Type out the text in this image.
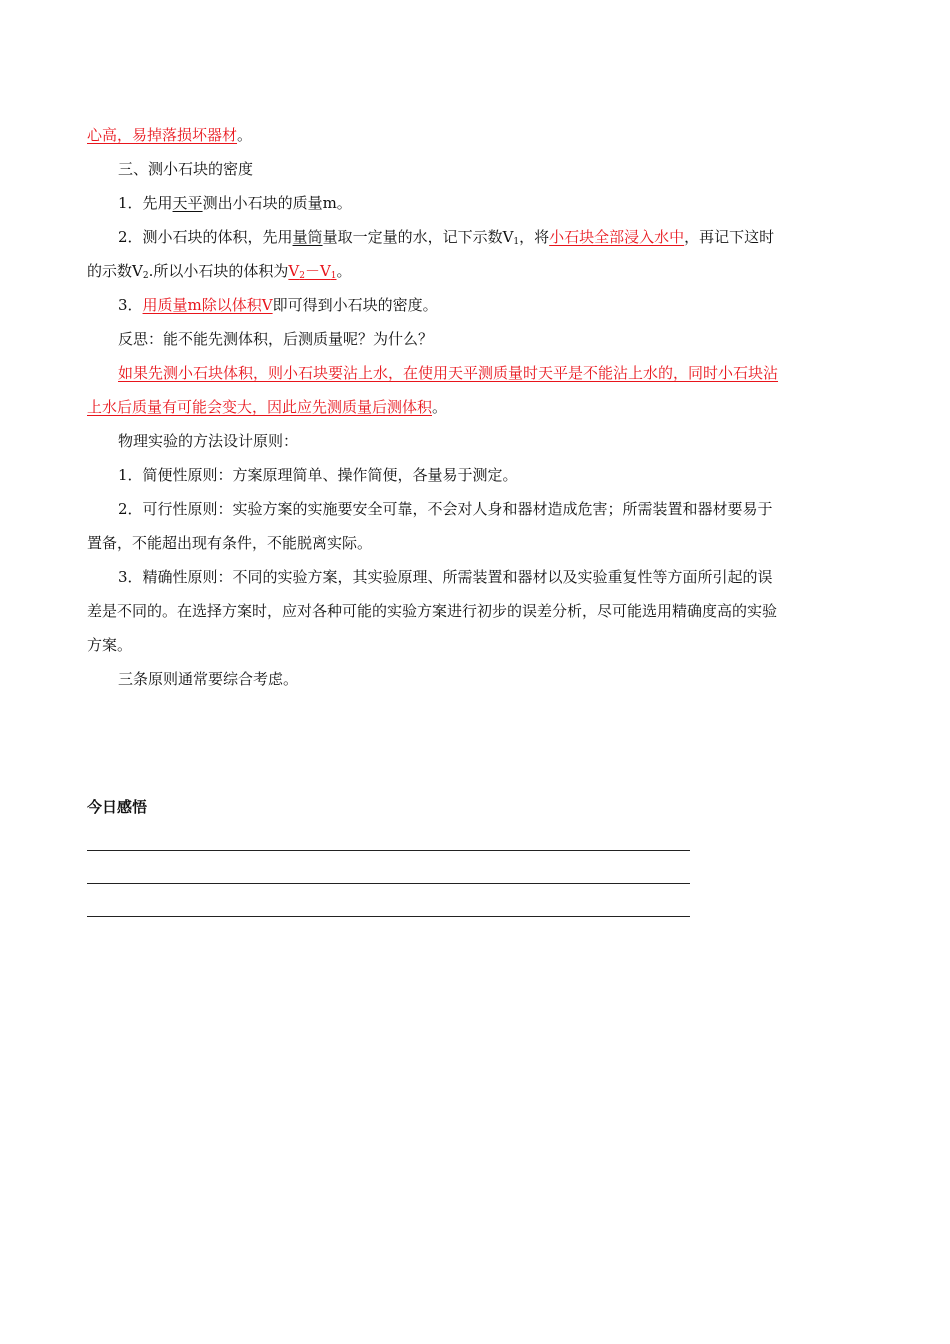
心高，易掉落损坏器材。
三、测小石块的密度
1．先用天平测出小石块的质量m。
2．测小石块的体积，先用量筒量取一定量的水，记下示数$V_1$，将小石块全部浸入水中，再记下这时
的示数$V_2$.所以小石块的体积为$V_2-V_1$。
3．用质量m除以体积V即可得到小石块的密度。
反思：能不能先测体积，后测质量呢？为什么？
如果先测小石块体积，则小石块要沾上水，在使用天平测质量时天平是不能沾上水的，同时小石块沾
上水后质量有可能会变大，因此应先测质量后测体积。
物理实验的方法设计原则：
1．简便性原则：方案原理简单、操作简便，各量易于测定。
2．可行性原则：实验方案的实施要安全可靠，不会对人身和器材造成危害；所需装置和器材要易于
置备，不能超出现有条件，不能脱离实际。
3．精确性原则：不同的实验方案，其实验原理、所需装置和器材以及实验重复性等方面所引起的误
差是不同的。在选择方案时，应对各种可能的实验方案进行初步的误差分析，尽可能选用精确度高的实验
方案。
三条原则通常要综合考虑。
今日感悟
